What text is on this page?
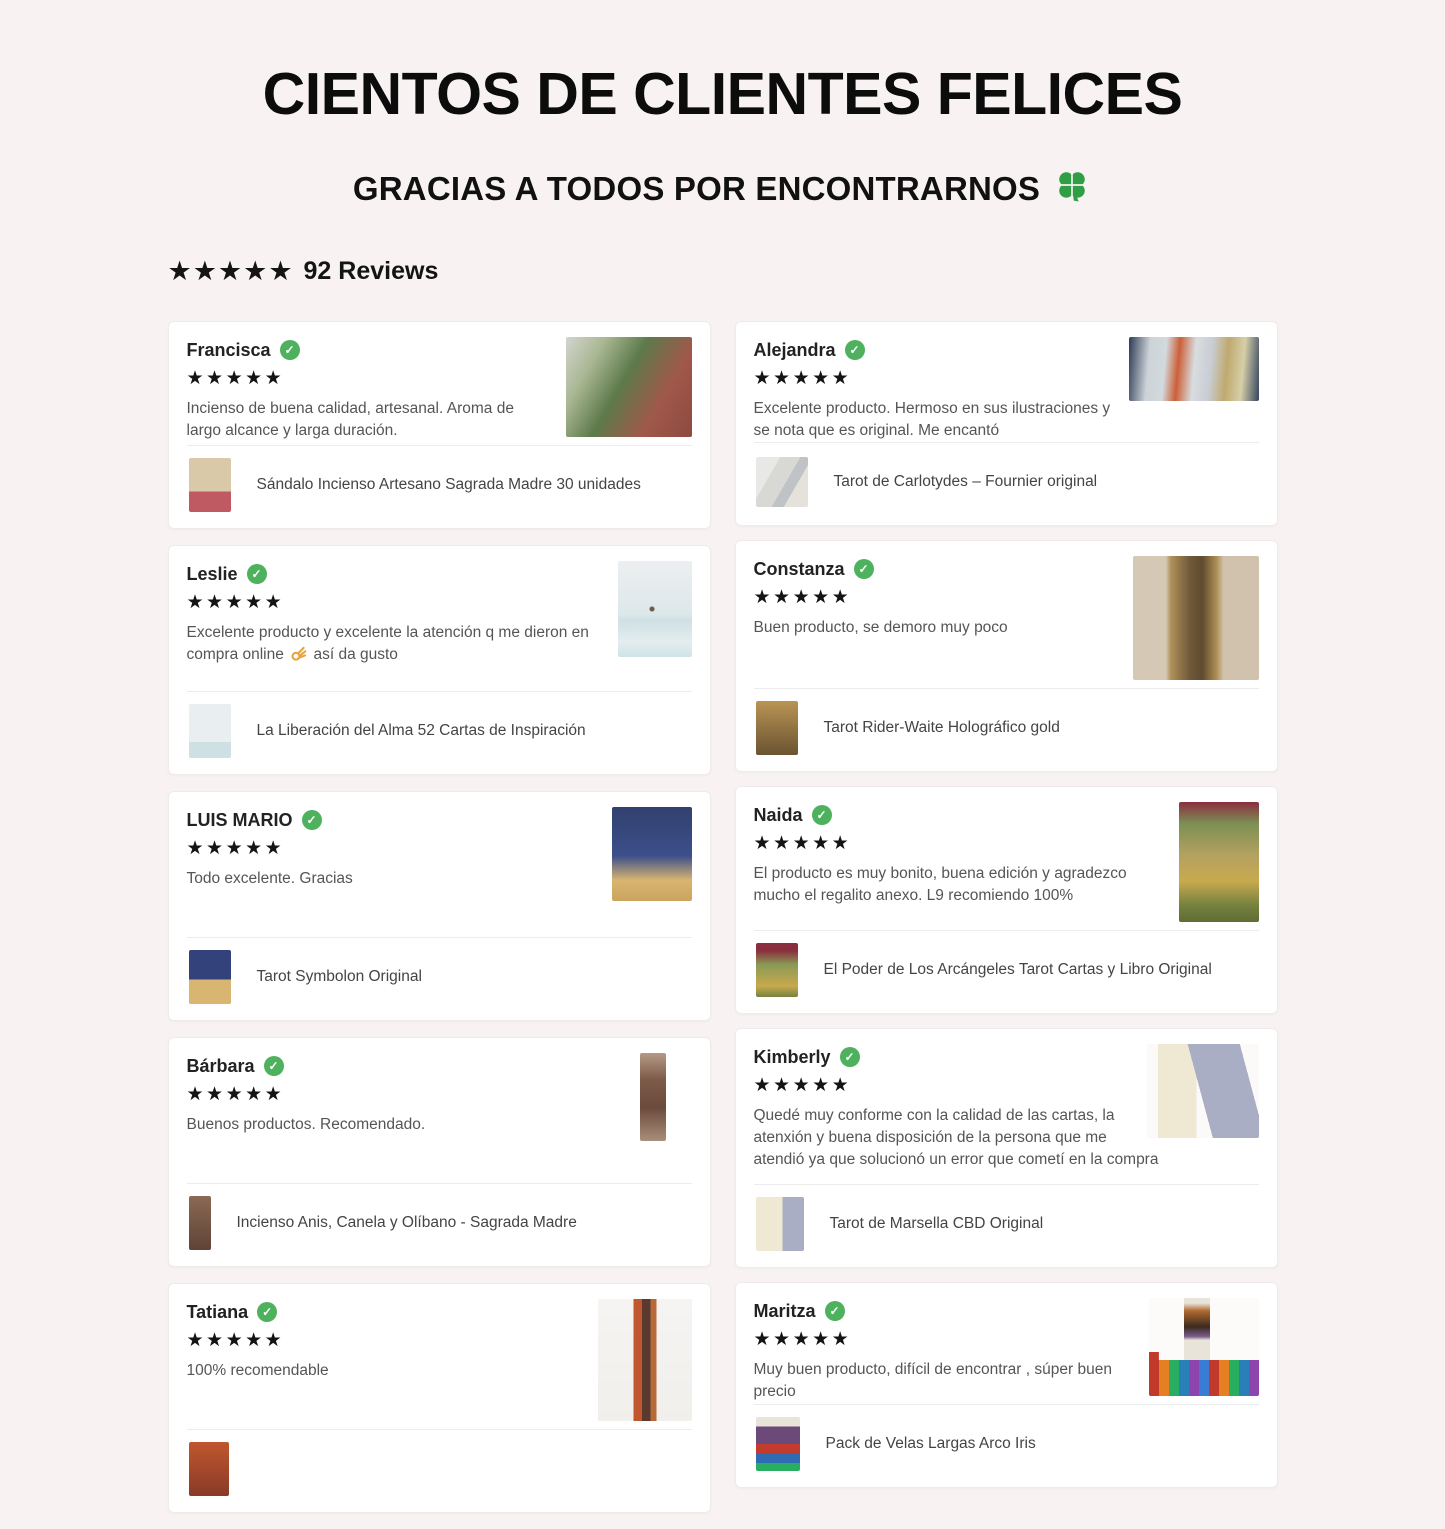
CIENTOS DE CLIENTES FELICES
GRACIAS A TODOS POR ENCONTRARNOS
★★★★★ 92 Reviews
Francisca	✓
★★★★★

Incienso de buena calidad, artesanal. Aroma de largo alcance y larga duración.

Sándalo Incienso Artesano Sagrada Madre 30 unidades
Leslie	✓
★★★★★

Excelente producto y excelente la atención q me dieron en compra online así da gusto

La Liberación del Alma 52 Cartas de Inspiración
LUIS MARIO	✓
★★★★★

Todo excelente. Gracias

Tarot Symbolon Original
Bárbara	✓
★★★★★

Buenos productos. Recomendado.

Incienso Anis, Canela y Olíbano - Sagrada Madre
Tatiana	✓
★★★★★

100% recomendable

Alejandra	✓
★★★★★

Excelente producto. Hermoso en sus ilustraciones y se nota que es original. Me encantó

Tarot de Carlotydes – Fournier original
Constanza	✓
★★★★★

Buen producto, se demoro muy poco

Tarot Rider-Waite Holográfico gold
Naida	✓
★★★★★

El producto es muy bonito, buena edición y agradezco mucho el regalito anexo. L9 recomiendo 100%

El Poder de Los Arcángeles Tarot Cartas y Libro Original
Kimberly	✓
★★★★★

Quedé muy conforme con la calidad de las cartas, la atenxión y buena disposición de la persona que me atendió ya que solucionó un error que cometí en la compra

Tarot de Marsella CBD Original
Maritza	✓
★★★★★

Muy buen producto, difícil de encontrar , súper buen precio

Pack de Velas Largas Arco Iris
